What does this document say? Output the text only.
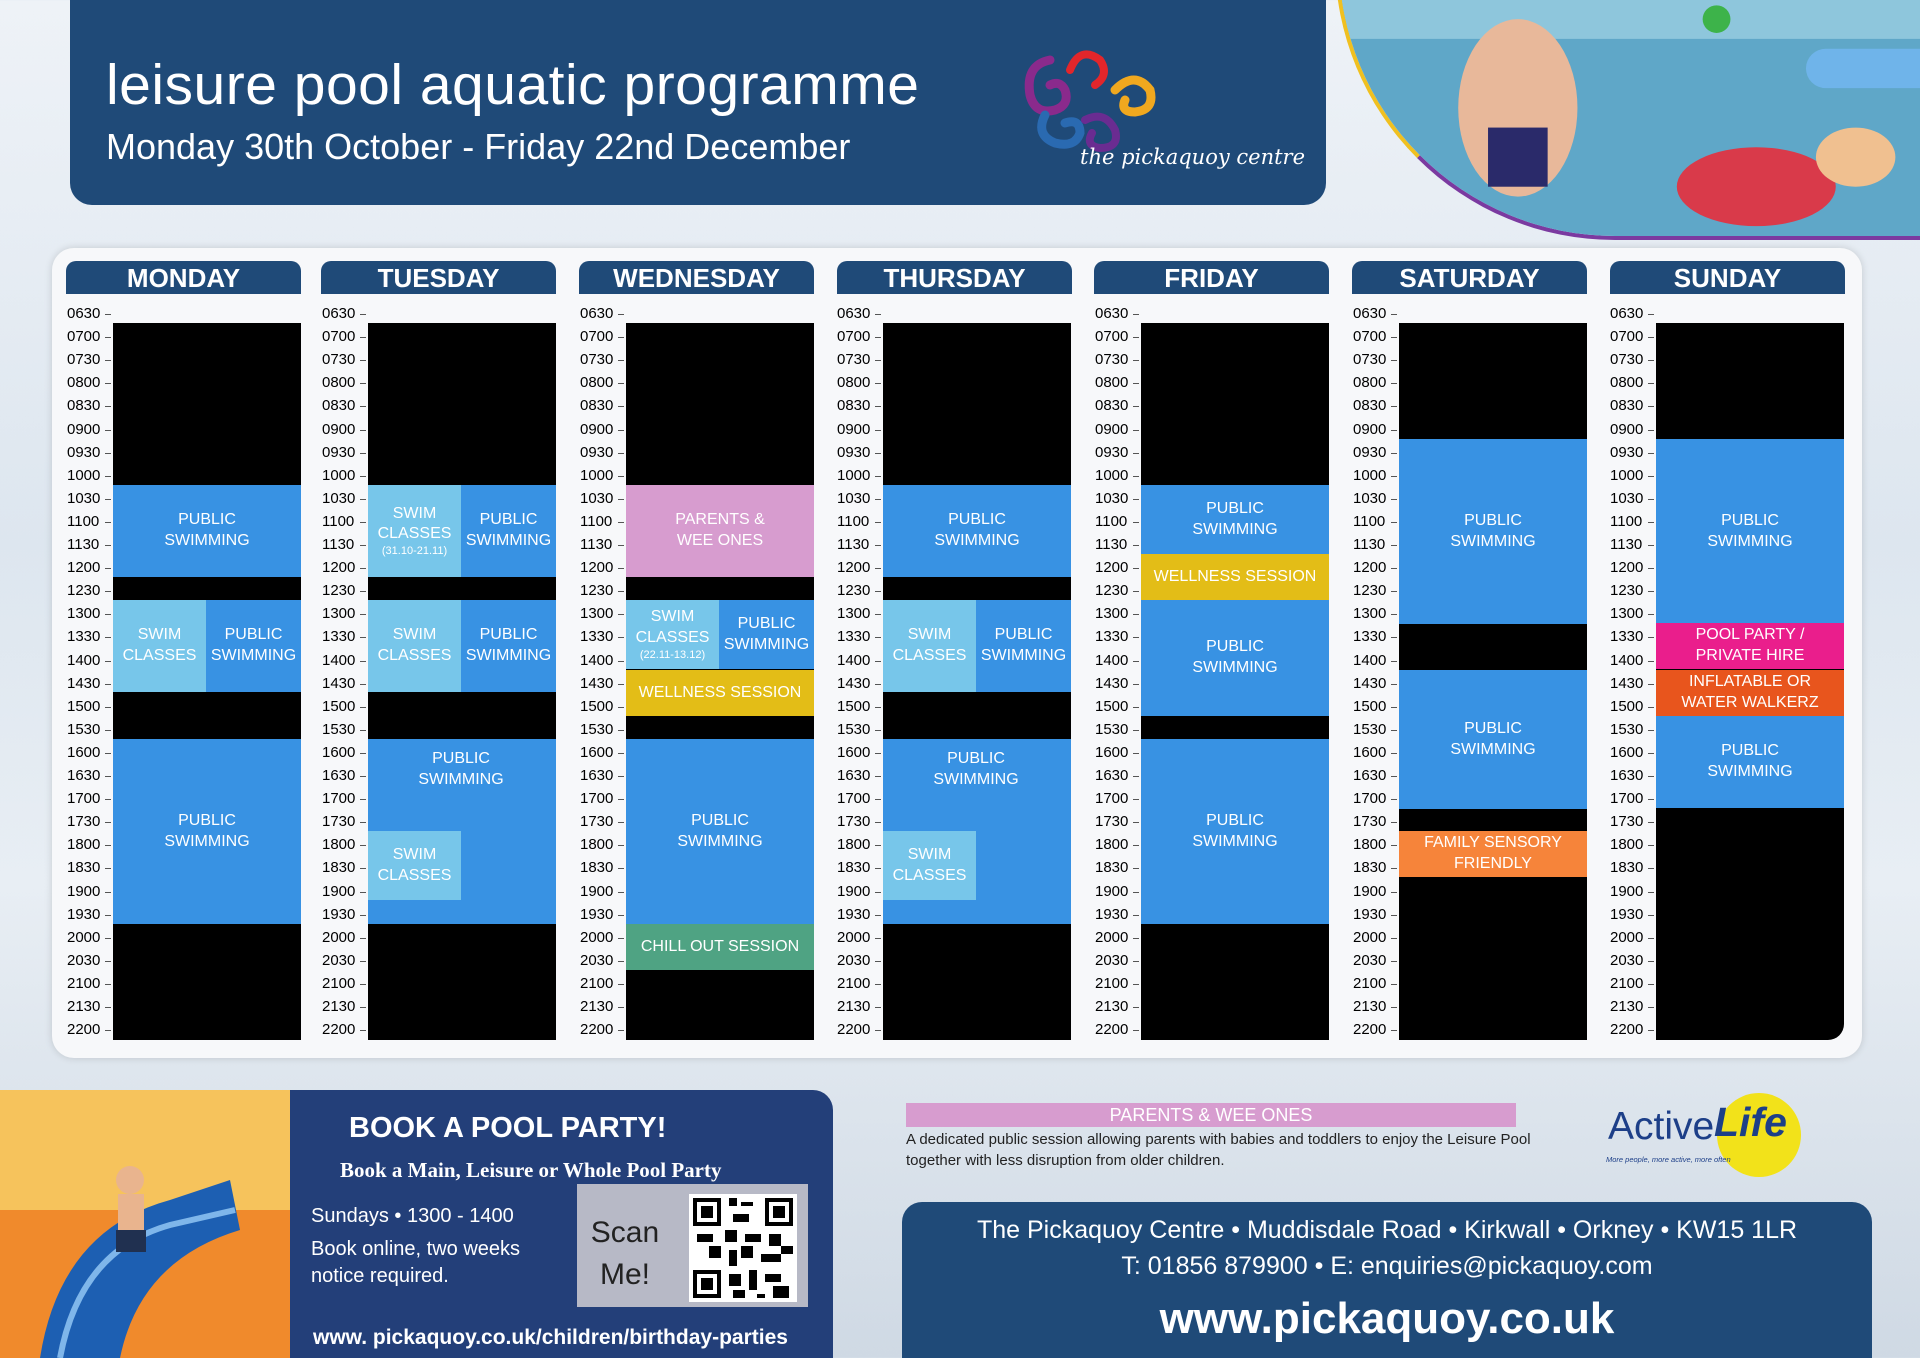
leisure pool aquatic programme
Monday 30th October - Friday 22nd December	the pickaquoy centre
MONDAY
0630
0700
0730
0800
0830
0900
0930
1000
1030
1100
1130
1200
1230
1300
1330
1400
1430
1500
1530
1600
1630
1700
1730
1800
1830
1900
1930
2000
2030
2100
2130
2200
PUBLIC
SWIMMING
SWIM
CLASSES
PUBLIC
SWIMMING
PUBLIC
SWIMMING
TUESDAY
0630
0700
0730
0800
0830
0900
0930
1000
1030
1100
1130
1200
1230
1300
1330
1400
1430
1500
1530
1600
1630
1700
1730
1800
1830
1900
1930
2000
2030
2100
2130
2200
SWIM
CLASSES
(31.10-21.11)
PUBLIC
SWIMMING
SWIM
CLASSES
PUBLIC
SWIMMING
PUBLIC
SWIMMING
SWIM
CLASSES
WEDNESDAY
0630
0700
0730
0800
0830
0900
0930
1000
1030
1100
1130
1200
1230
1300
1330
1400
1430
1500
1530
1600
1630
1700
1730
1800
1830
1900
1930
2000
2030
2100
2130
2200
PARENTS &
WEE ONES
SWIM
CLASSES
(22.11-13.12)
PUBLIC
SWIMMING
WELLNESS SESSION
PUBLIC
SWIMMING
CHILL OUT SESSION
THURSDAY
0630
0700
0730
0800
0830
0900
0930
1000
1030
1100
1130
1200
1230
1300
1330
1400
1430
1500
1530
1600
1630
1700
1730
1800
1830
1900
1930
2000
2030
2100
2130
2200
PUBLIC
SWIMMING
SWIM
CLASSES
PUBLIC
SWIMMING
PUBLIC
SWIMMING
SWIM
CLASSES
FRIDAY
0630
0700
0730
0800
0830
0900
0930
1000
1030
1100
1130
1200
1230
1300
1330
1400
1430
1500
1530
1600
1630
1700
1730
1800
1830
1900
1930
2000
2030
2100
2130
2200
PUBLIC
SWIMMING
WELLNESS SESSION
PUBLIC
SWIMMING
PUBLIC
SWIMMING
SATURDAY
0630
0700
0730
0800
0830
0900
0930
1000
1030
1100
1130
1200
1230
1300
1330
1400
1430
1500
1530
1600
1630
1700
1730
1800
1830
1900
1930
2000
2030
2100
2130
2200
PUBLIC
SWIMMING
PUBLIC
SWIMMING
FAMILY SENSORY
FRIENDLY
SUNDAY
0630
0700
0730
0800
0830
0900
0930
1000
1030
1100
1130
1200
1230
1300
1330
1400
1430
1500
1530
1600
1630
1700
1730
1800
1830
1900
1930
2000
2030
2100
2130
2200
PUBLIC
SWIMMING
POOL PARTY /
PRIVATE HIRE
INFLATABLE OR
WATER WALKERZ
PUBLIC
SWIMMING
BOOK A POOL PARTY!
Book a Main, Leisure or Whole Pool Party
Sundays • 1300 - 1400
Book online, two weeks
notice required.
Scan
Me!
www. pickaquoy.co.uk/children/birthday-parties
PARENTS & WEE ONES
A dedicated public session allowing parents with babies and toddlers to enjoy the Leisure Pool together with less disruption from older children.
Active Life
More people, more active, more often
The Pickaquoy Centre • Muddisdale Road • Kirkwall • Orkney • KW15 1LR
T: 01856 879900 • E: enquiries@pickaquoy.com
www.pickaquoy.co.uk
